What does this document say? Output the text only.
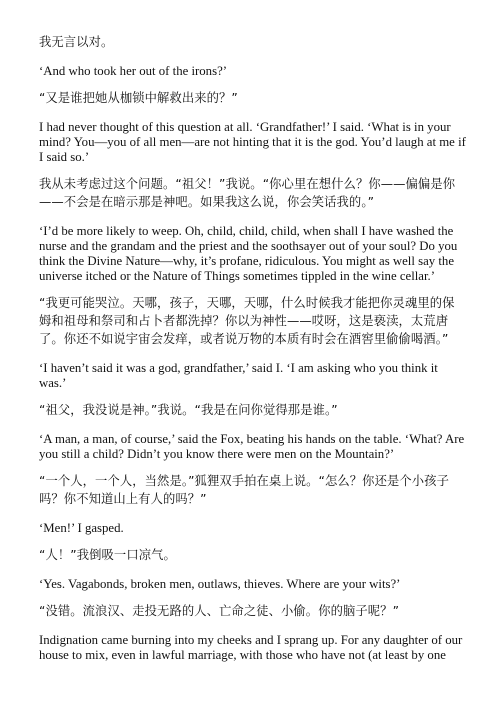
我无言以对。

‘And who took her out of the irons?’

“又是谁把她从枷锁中解救出来的？”

I had never thought of this question at all. ‘Grandfather!’ I said. ‘What is in your mind? You—you of all men—are not hinting that it is the god. You’d laugh at me if I said so.’

我从未考虑过这个问题。“祖父！”我说。“你心里在想什么？你——偏偏是你——不会是在暗示那是神吧。如果我这么说，你会笑话我的。”

‘I’d be more likely to weep. Oh, child, child, child, when shall I have washed the nurse and the grandam and the priest and the soothsayer out of your soul? Do you think the Divine Nature—why, it’s profane, ridiculous. You might as well say the universe itched or the Nature of Things sometimes tippled in the wine cellar.’

“我更可能哭泣。天哪，孩子，天哪，天哪，什么时候我才能把你灵魂里的保姆和祖母和祭司和占卜者都洗掉？你以为神性——哎呀，这是亵渎，太荒唐了。你还不如说宇宙会发痒，或者说万物的本质有时会在酒窖里偷偷喝酒。”

‘I haven’t said it was a god, grandfather,’ said I. ‘I am asking who you think it was.’

“祖父，我没说是神。”我说。“我是在问你觉得那是谁。”

‘A man, a man, of course,’ said the Fox, beating his hands on the table. ‘What? Are you still a child? Didn’t you know there were men on the Mountain?’

“一个人，一个人，当然是。”狐狸双手拍在桌上说。“怎么？你还是个小孩子吗？你不知道山上有人的吗？”

‘Men!’ I gasped.

“人！”我倒吸一口凉气。

‘Yes. Vagabonds, broken men, outlaws, thieves. Where are your wits?’

“没错。流浪汉、走投无路的人、亡命之徒、小偷。你的脑子呢？”

Indignation came burning into my cheeks and I sprang up. For any daughter of our house to mix, even in lawful marriage, with those who have not (at least by one
